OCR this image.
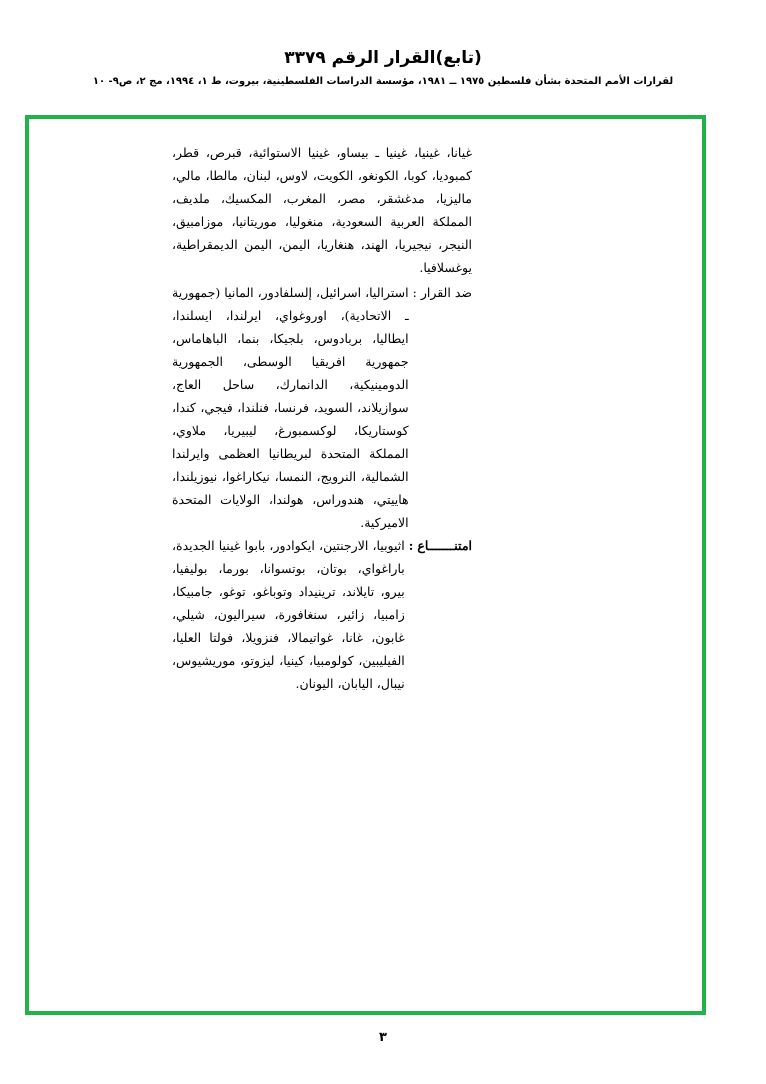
(تابع)القرار الرقم ٣٣٧٩
لقرارات الأمم المتحدة بشأن فلسطين ١٩٧٥ ــ ١٩٨١، مؤسسة الدراسات الفلسطينية، بيروت، ط ١، ١٩٩٤، مج ٢، ص٩- ١٠

غيانا، غينيا، غينيا ـ بيساو، غينيا الاستوائية، قبرص، قطر، كمبوديا، كوبا، الكونغو، الكويت، لاوس، لبنان، مالطا، مالي، ماليزيا، مدغشقر، مصر، المغرب، المكسيك، ملديف، المملكة العربية السعودية، منغوليا، موريتانيا، موزامبيق، النيجر، نيجيريا، الهند، هنغاريا، اليمن، اليمن الديمقراطية، يوغسلافيا.

ضد القرار:
استراليا، اسرائيل، إلسلفادور، المانيا (جمهورية ـ الاتحادية)، اوروغواي، ايرلندا، ايسلندا، ايطاليا، بربادوس، بلجيكا، بنما، الباهاماس، جمهورية افريقيا الوسطى، الجمهورية الدومينيكية، الدانمارك، ساحل العاج، سوازيلاند، السويد، فرنسا، فنلندا، فيجي، كندا، كوستاريكا، لوكسمبورغ، ليبيريا، ملاوي، المملكة المتحدة لبريطانيا العظمى وايرلندا الشمالية، النرويج، النمسا، نيكاراغوا، نيوزيلندا، هاييتي، هندوراس، هولندا، الولايات المتحدة الاميركية.
امتنـــــــاع:
اثيوبيا، الارجنتين، ايكوادور، بابوا غينيا الجديدة، باراغواي، بوتان، بوتسوانا، بورما، بوليفيا، بيرو، تايلاند، ترينيداد وتوباغو، توغو، جامبيكا، زامبيا، زائير، سنغافورة، سيراليون، شيلي، غابون، غانا، غواتيمالا، فنزويلا، فولتا العليا، الفيليبين، كولومبيا، كينيا، ليزوتو، موريشيوس، نيبال، اليابان، اليونان.
٣
